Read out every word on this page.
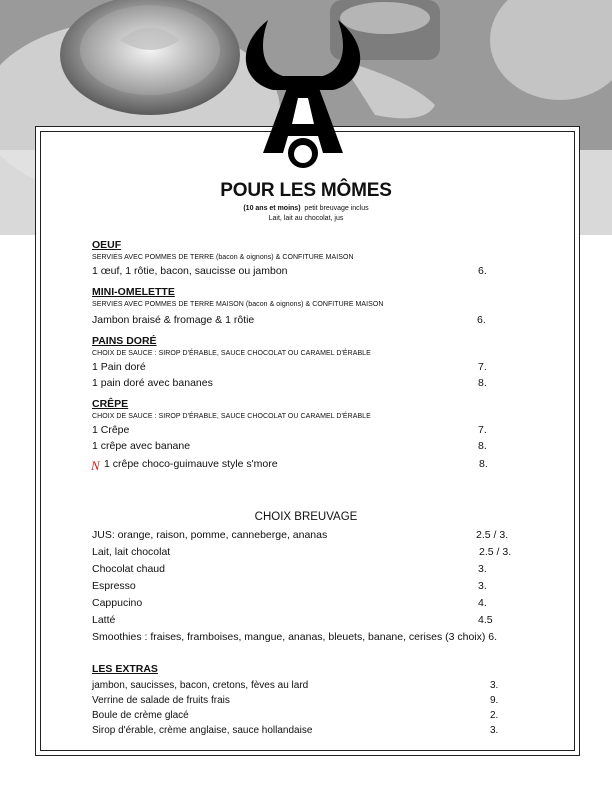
POUR LES MÔMES
(10 ans et moins) petit breuvage inclus
Lait, lait au chocolat, jus
OEUF
SERVIES AVEC POMMES DE TERRE (bacon & oignons) & CONFITURE MAISON
1 œuf, 1 rôtie, bacon, saucisse ou jambon	6.
MINI-OMELETTE
SERVIES AVEC POMMES DE TERRE MAISON (bacon & oignons) & CONFITURE MAISON
Jambon braisé & fromage & 1 rôtie	6.
PAINS DORÉ
CHOIX DE SAUCE : SIROP D'ÉRABLE, SAUCE CHOCOLAT OU CARAMEL D'ÉRABLE
1 Pain doré	7.
1 pain doré avec bananes	8.
CRÊPE
CHOIX DE SAUCE : SIROP D'ÉRABLE, SAUCE CHOCOLAT OU CARAMEL D'ÉRABLE
1 Crêpe	7.
1 crêpe avec banane	8.
N 1 crêpe choco-guimauve style s'more	8.
CHOIX BREUVAGE
JUS: orange, raison, pomme, canneberge, ananas	2.5 / 3.
Lait, lait chocolat	2.5 / 3.
Chocolat chaud	3.
Espresso	3.
Cappucino	4.
Latté	4.5
Smoothies : fraises, framboises, mangue, ananas, bleuets, banane, cerises (3 choix) 6.
LES EXTRAS
jambon, saucisses, bacon, cretons, fèves au lard	3.
Verrine de salade de fruits frais	9.
Boule de crème glacé	2.
Sirop d'érable, crème anglaise, sauce hollandaise	3.
